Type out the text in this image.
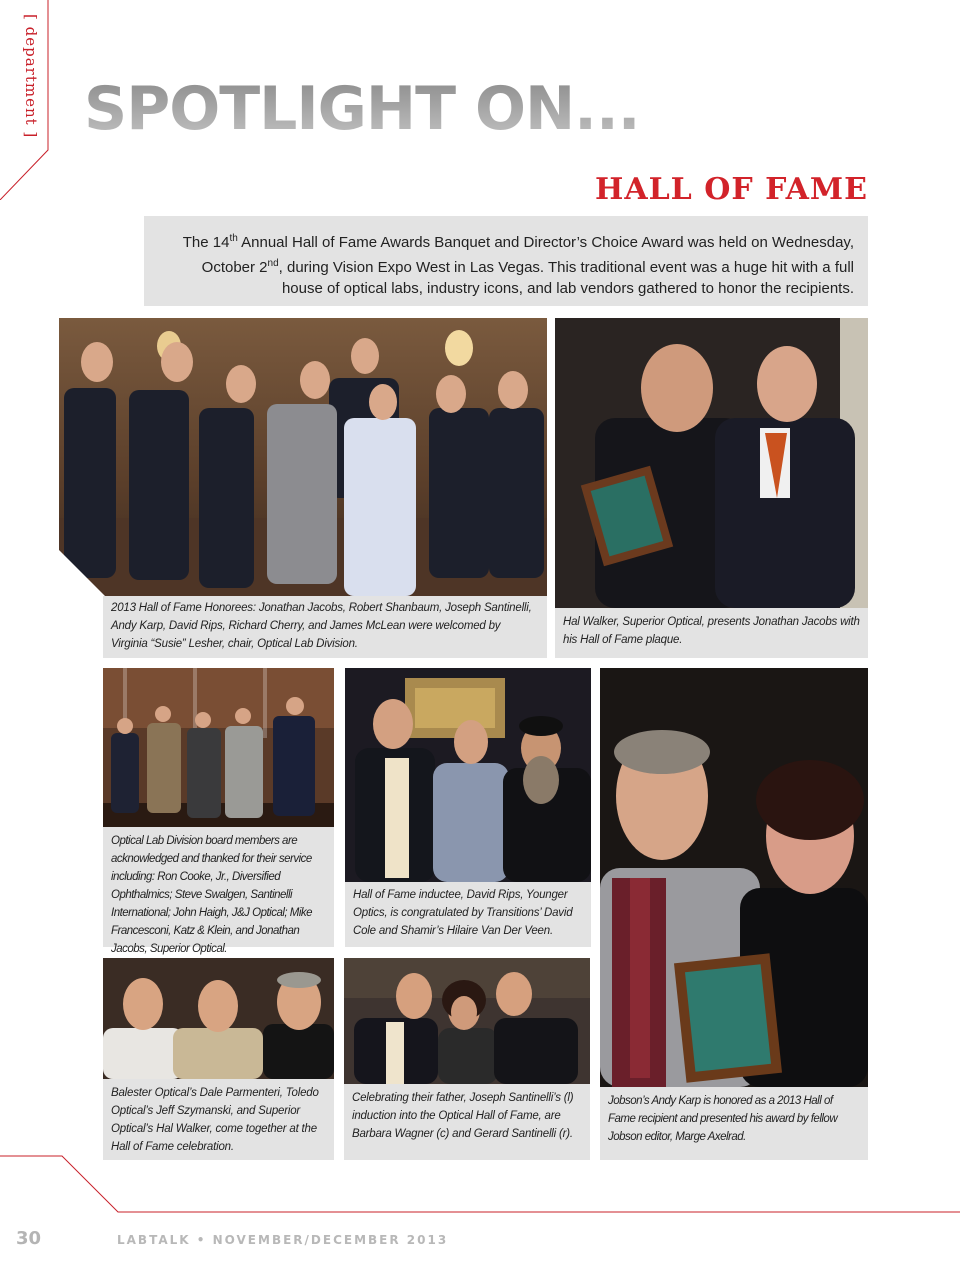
[ department ] SPOTLIGHT ON...
HALL OF FAME
The 14th Annual Hall of Fame Awards Banquet and Director’s Choice Award was held on Wednesday, October 2nd, during Vision Expo West in Las Vegas. This traditional event was a huge hit with a full house of optical labs, industry icons, and lab vendors gathered to honor the recipients.
2013 Hall of Fame Honorees: Jonathan Jacobs, Robert Shanbaum, Joseph Santinelli, Andy Karp, David Rips, Richard Cherry, and James McLean were welcomed by Virginia “Susie” Lesher, chair, Optical Lab Division.
Hal Walker, Superior Optical, presents Jonathan Jacobs with his Hall of Fame plaque.
Optical Lab Division board members are acknowledged and thanked for their service including: Ron Cooke, Jr., Diversified Ophthalmics; Steve Swalgen, Santinelli International; John Haigh, J&J Optical; Mike Francesconi, Katz & Klein, and Jonathan Jacobs, Superior Optical.
Hall of Fame inductee, David Rips, Younger Optics, is congratulated by Transitions’ David Cole and Shamir’s Hilaire Van Der Veen.
Jobson’s Andy Karp is honored as a 2013 Hall of Fame recipient and presented his award by fellow Jobson editor, Marge Axelrad.
Balester Optical’s Dale Parmenteri, Toledo Optical’s Jeff Szymanski, and Superior Optical’s Hal Walker, come together at the Hall of Fame celebration.
Celebrating their father, Joseph Santinelli’s (l) induction into the Optical Hall of Fame, are Barbara Wagner (c) and Gerard Santinelli (r).
30	LABTALK • NOVEMBER/DECEMBER 2013
